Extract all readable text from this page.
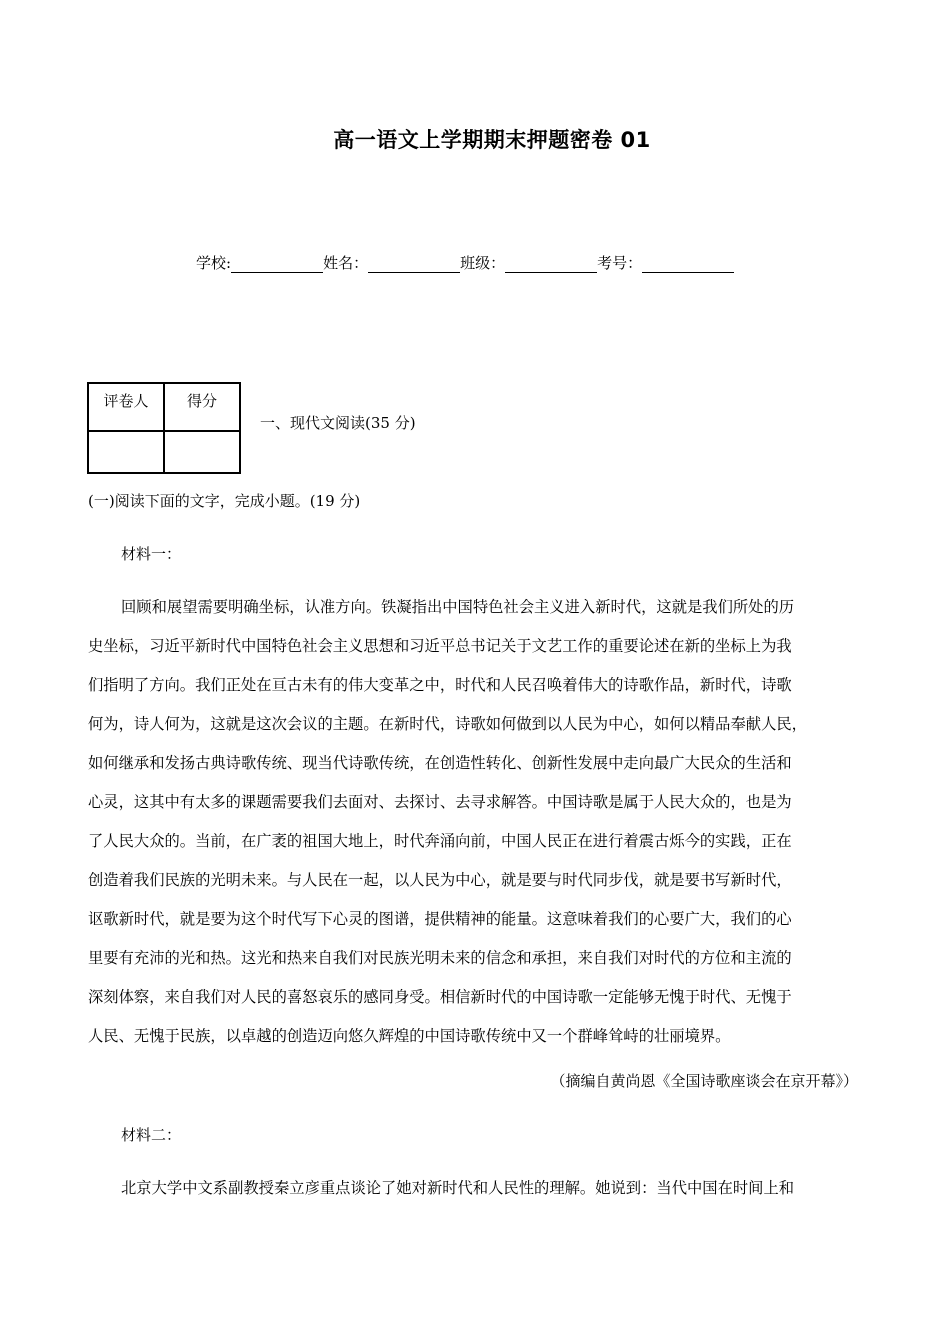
高一语文上学期期末押题密卷 01
学校:	姓名：	班级：	考号：
评卷人	得分

一、现代文阅读(35 分)
(一)阅读下面的文字，完成小题。(19 分)
材料一：
回顾和展望需要明确坐标，认准方向。铁凝指出中国特色社会主义进入新时代，这就是我们所处的历
史坐标，习近平新时代中国特色社会主义思想和习近平总书记关于文艺工作的重要论述在新的坐标上为我
们指明了方向。我们正处在亘古未有的伟大变革之中，时代和人民召唤着伟大的诗歌作品，新时代，诗歌
何为，诗人何为，这就是这次会议的主题。在新时代，诗歌如何做到以人民为中心，如何以精品奉献人民，
如何继承和发扬古典诗歌传统、现当代诗歌传统，在创造性转化、创新性发展中走向最广大民众的生活和
心灵，这其中有太多的课题需要我们去面对、去探讨、去寻求解答。中国诗歌是属于人民大众的，也是为
了人民大众的。当前，在广袤的祖国大地上，时代奔涌向前，中国人民正在进行着震古烁今的实践，正在
创造着我们民族的光明未来。与人民在一起，以人民为中心，就是要与时代同步伐，就是要书写新时代，
讴歌新时代，就是要为这个时代写下心灵的图谱，提供精神的能量。这意味着我们的心要广大，我们的心
里要有充沛的光和热。这光和热来自我们对民族光明未来的信念和承担，来自我们对时代的方位和主流的
深刻体察，来自我们对人民的喜怒哀乐的感同身受。相信新时代的中国诗歌一定能够无愧于时代、无愧于
人民、无愧于民族，以卓越的创造迈向悠久辉煌的中国诗歌传统中又一个群峰耸峙的壮丽境界。
（摘编自黄尚恩《全国诗歌座谈会在京开幕》）
材料二：
北京大学中文系副教授秦立彦重点谈论了她对新时代和人民性的理解。她说到：当代中国在时间上和
